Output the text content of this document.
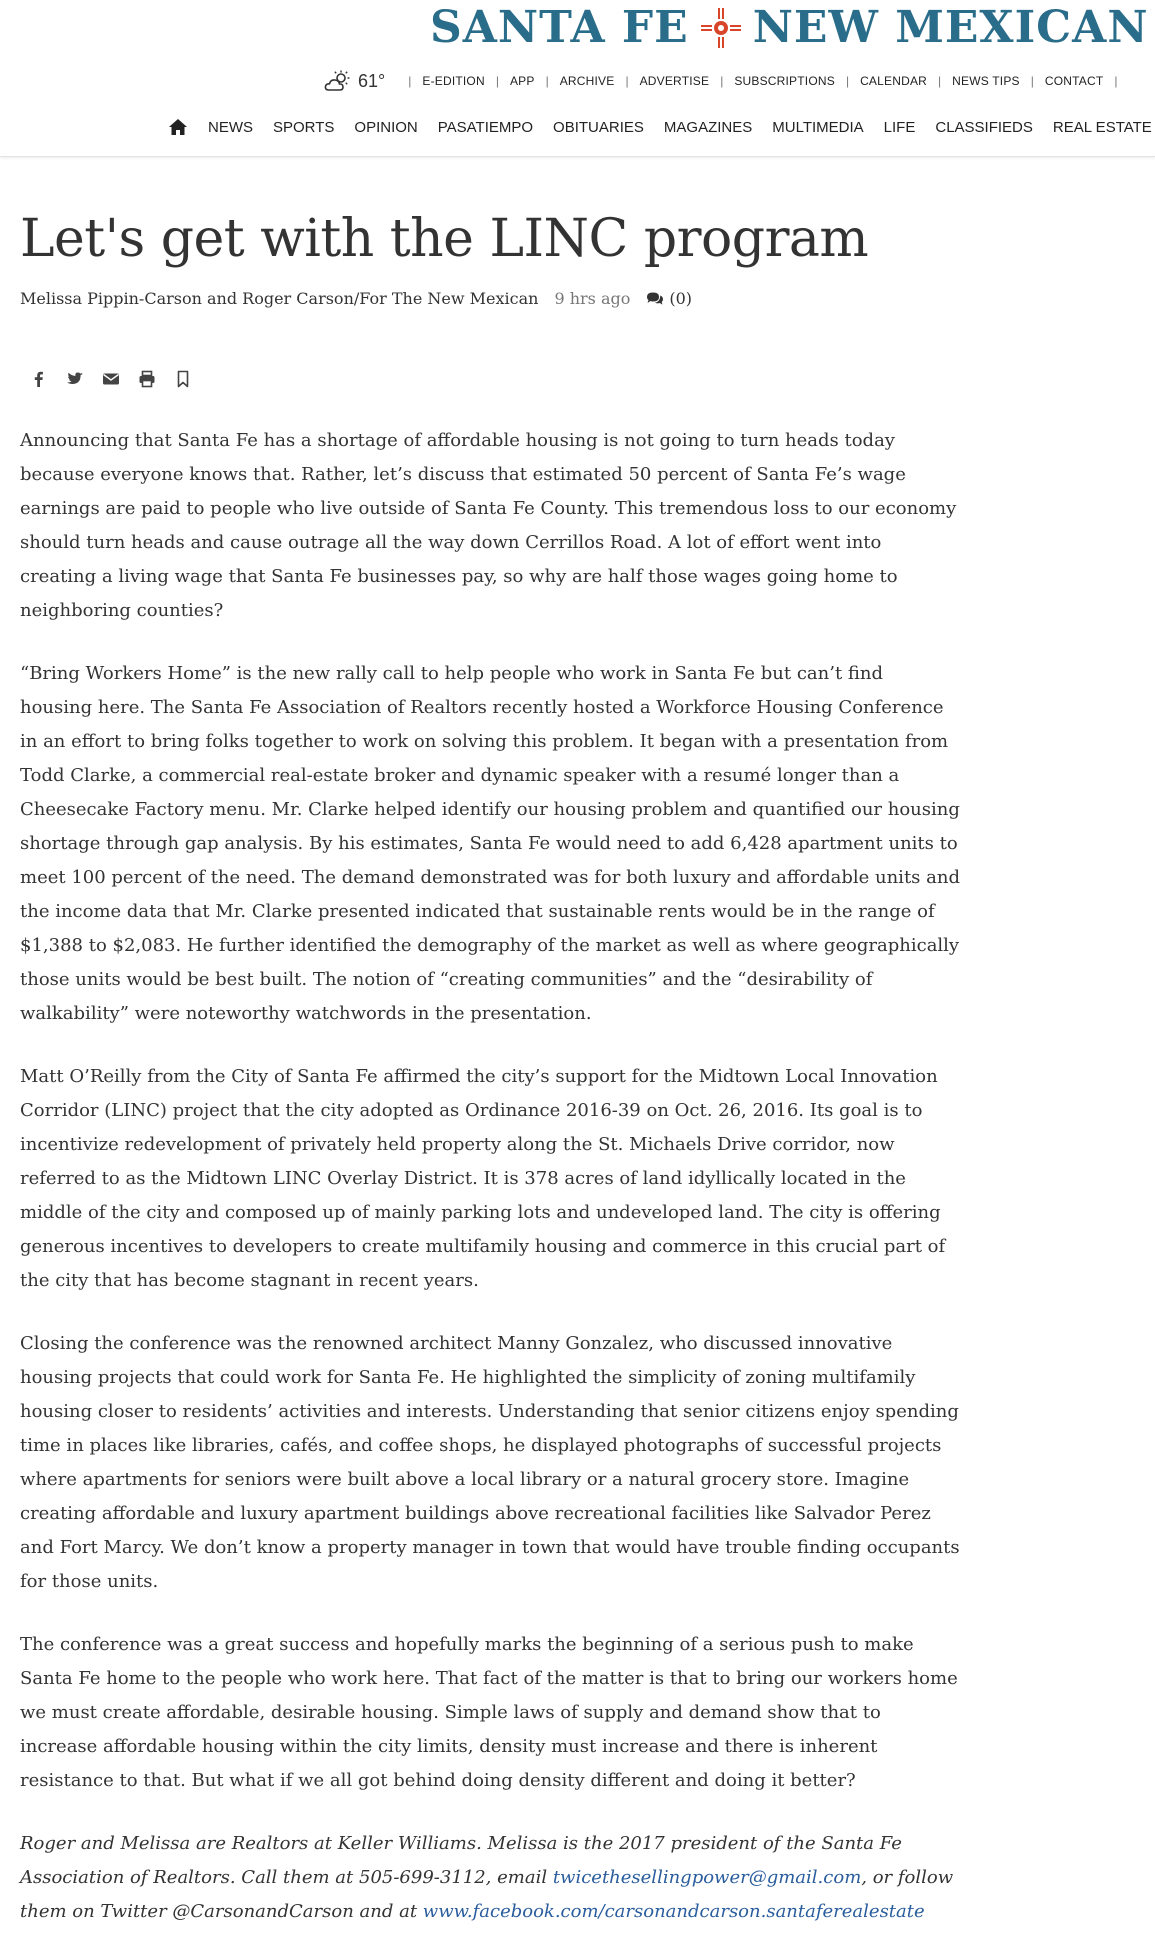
SANTA FE NEW MEXICAN
61° | E-EDITION | APP | ARCHIVE | ADVERTISE | SUBSCRIPTIONS | CALENDAR | NEWS TIPS | CONTACT |
NEWS SPORTS OPINION PASATIEMPO OBITUARIES MAGAZINES MULTIMEDIA LIFE CLASSIFIEDS REAL ESTATE
Let's get with the LINC program
Melissa Pippin-Carson and Roger Carson/For The New Mexican 9 hrs ago (0)

Announcing that Santa Fe has a shortage of affordable housing is not going to turn heads today because everyone knows that. Rather, let’s discuss that estimated 50 percent of Santa Fe’s wage earnings are paid to people who live outside of Santa Fe County. This tremendous loss to our economy should turn heads and cause outrage all the way down Cerrillos Road. A lot of effort went into creating a living wage that Santa Fe businesses pay, so why are half those wages going home to neighboring counties?

“Bring Workers Home” is the new rally call to help people who work in Santa Fe but can’t find housing here. The Santa Fe Association of Realtors recently hosted a Workforce Housing Conference in an effort to bring folks together to work on solving this problem. It began with a presentation from Todd Clarke, a commercial real-estate broker and dynamic speaker with a resumé longer than a Cheesecake Factory menu. Mr. Clarke helped identify our housing problem and quantified our housing shortage through gap analysis. By his estimates, Santa Fe would need to add 6,428 apartment units to meet 100 percent of the need. The demand demonstrated was for both luxury and affordable units and the income data that Mr. Clarke presented indicated that sustainable rents would be in the range of $1,388 to $2,083. He further identified the demography of the market as well as where geographically those units would be best built. The notion of “creating communities” and the “desirability of walkability” were noteworthy watchwords in the presentation.

Matt O’Reilly from the City of Santa Fe affirmed the city’s support for the Midtown Local Innovation Corridor (LINC) project that the city adopted as Ordinance 2016-39 on Oct. 26, 2016. Its goal is to incentivize redevelopment of privately held property along the St. Michaels Drive corridor, now referred to as the Midtown LINC Overlay District. It is 378 acres of land idyllically located in the middle of the city and composed up of mainly parking lots and undeveloped land. The city is offering generous incentives to developers to create multifamily housing and commerce in this crucial part of the city that has become stagnant in recent years.

Closing the conference was the renowned architect Manny Gonzalez, who discussed innovative housing projects that could work for Santa Fe. He highlighted the simplicity of zoning multifamily housing closer to residents’ activities and interests. Understanding that senior citizens enjoy spending time in places like libraries, cafés, and coffee shops, he displayed photographs of successful projects where apartments for seniors were built above a local library or a natural grocery store. Imagine creating affordable and luxury apartment buildings above recreational facilities like Salvador Perez and Fort Marcy. We don’t know a property manager in town that would have trouble finding occupants for those units.

The conference was a great success and hopefully marks the beginning of a serious push to make Santa Fe home to the people who work here. That fact of the matter is that to bring our workers home we must create affordable, desirable housing. Simple laws of supply and demand show that to increase affordable housing within the city limits, density must increase and there is inherent resistance to that. But what if we all got behind doing density different and doing it better?

Roger and Melissa are Realtors at Keller Williams. Melissa is the 2017 president of the Santa Fe Association of Realtors. Call them at 505-699-3112, email twicethesellingpower@gmail.com, or follow them on Twitter @CarsonandCarson and at www.facebook.com/carsonandcarson.santaferealestate
